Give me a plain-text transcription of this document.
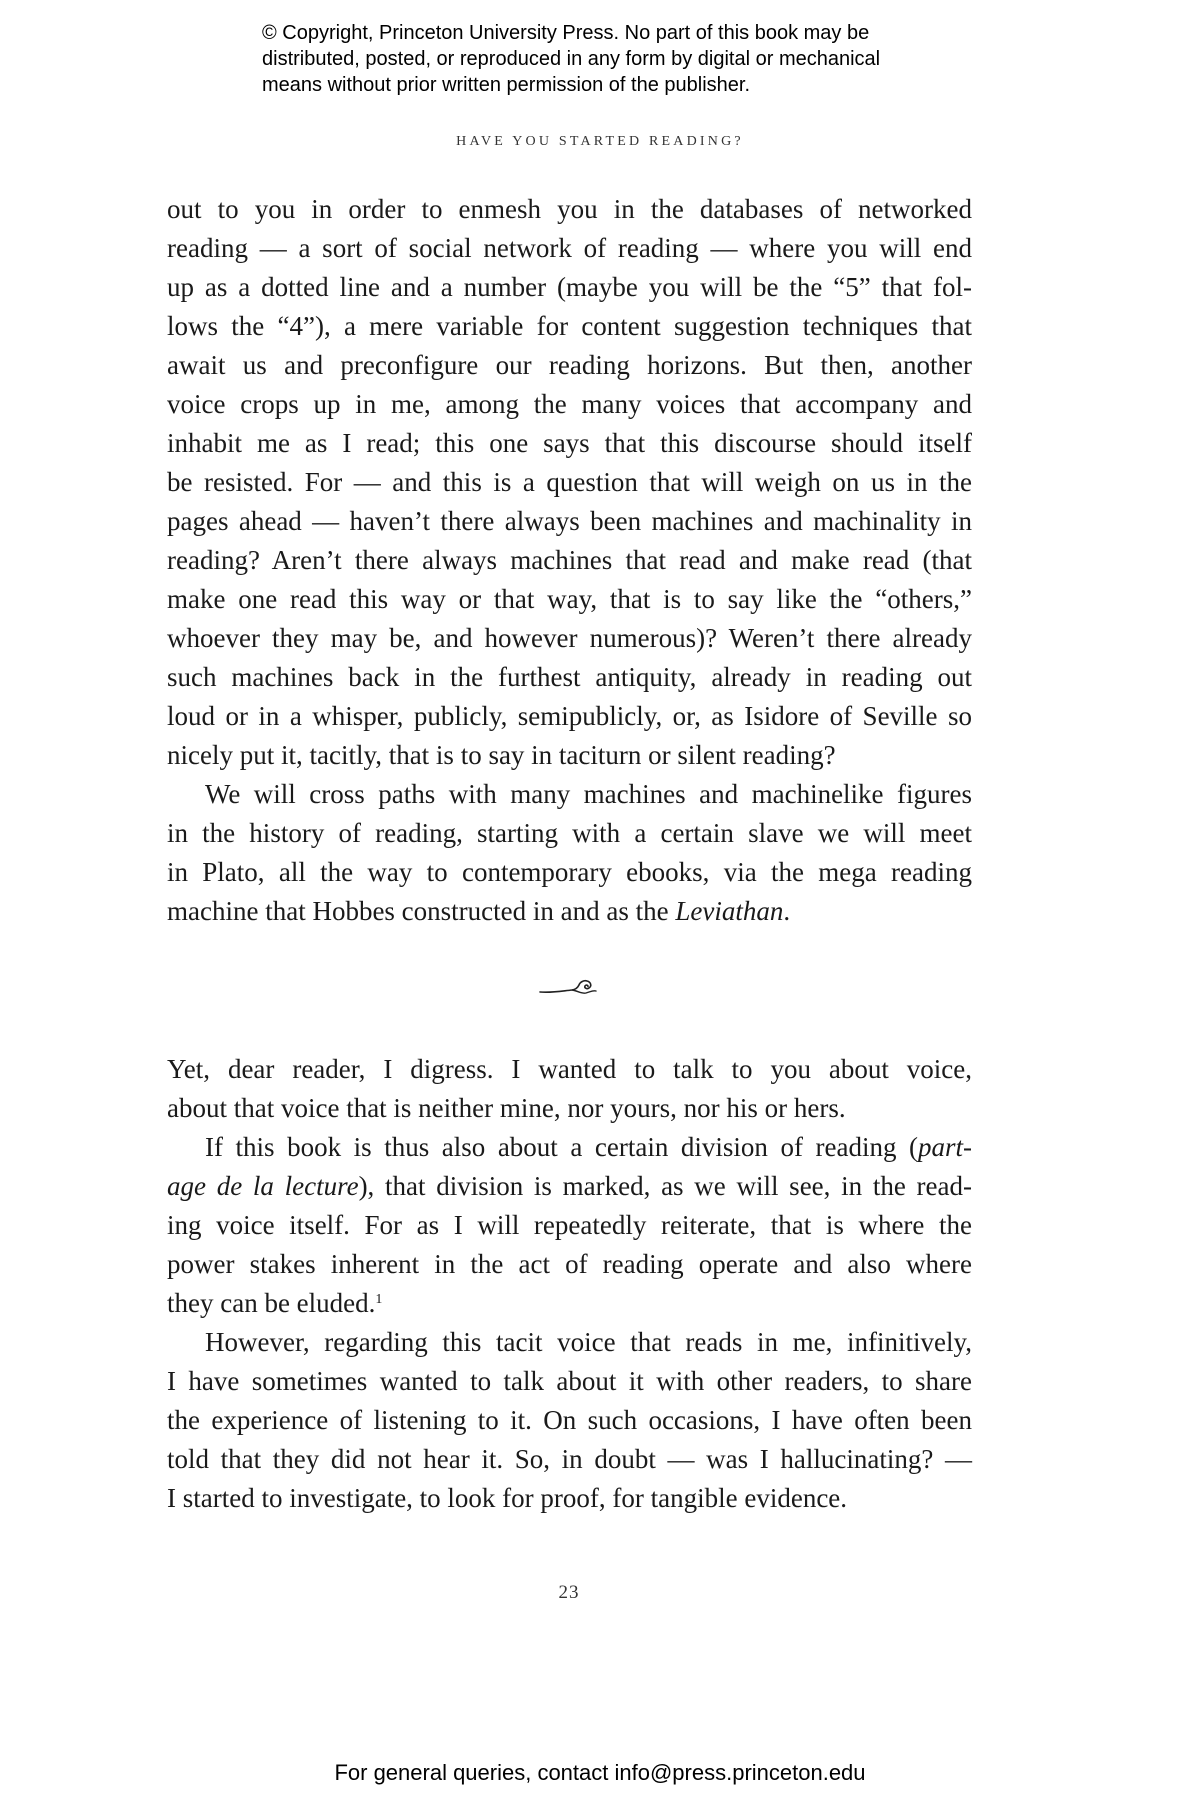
© Copyright, Princeton University Press. No part of this book may be
distributed, posted, or reproduced in any form by digital or mechanical
means without prior written permission of the publisher.
HAVE YOU STARTED READING?
out to you in order to enmesh you in the databases of networked
reading — a sort of social network of reading — where you will end
up as a dotted line and a number (maybe you will be the “5” that fol-
lows the “4”), a mere variable for content suggestion techniques that
await us and preconfigure our reading horizons. But then, another
voice crops up in me, among the many voices that accompany and
inhabit me as I read; this one says that this discourse should itself
be resisted. For — and this is a question that will weigh on us in the
pages ahead — haven’t there always been machines and machinality in
reading? Aren’t there always machines that read and make read (that
make one read this way or that way, that is to say like the “others,”
whoever they may be, and however numerous)? Weren’t there already
such machines back in the furthest antiquity, already in reading out
loud or in a whisper, publicly, semipublicly, or, as Isidore of Seville so
nicely put it, tacitly, that is to say in taciturn or silent reading?
We will cross paths with many machines and machinelike figures
in the history of reading, starting with a certain slave we will meet
in Plato, all the way to contemporary ebooks, via the mega reading
machine that Hobbes constructed in and as the Leviathan.
Yet, dear reader, I digress. I wanted to talk to you about voice,
about that voice that is neither mine, nor yours, nor his or hers.
If this book is thus also about a certain division of reading (part-
age de la lecture), that division is marked, as we will see, in the read-
ing voice itself. For as I will repeatedly reiterate, that is where the
power stakes inherent in the act of reading operate and also where
they can be eluded.$^1$
However, regarding this tacit voice that reads in me, infinitively,
I have sometimes wanted to talk about it with other readers, to share
the experience of listening to it. On such occasions, I have often been
told that they did not hear it. So, in doubt — was I hallucinating? —
I started to investigate, to look for proof, for tangible evidence.
23
For general queries, contact info@press.princeton.edu
